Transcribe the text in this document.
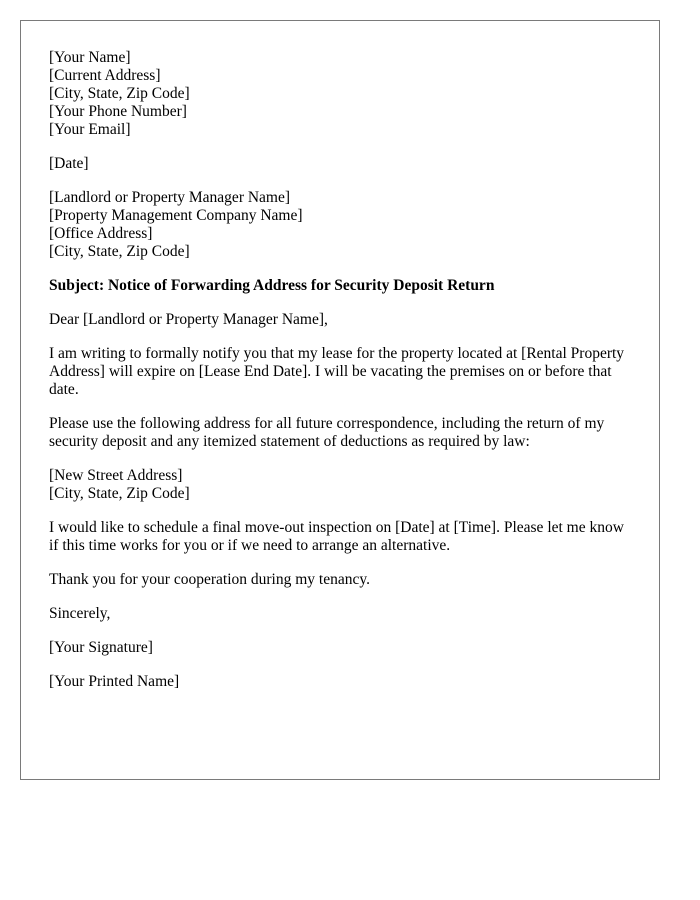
[Your Name]
[Current Address]
[City, State, Zip Code]
[Your Phone Number]
[Your Email]
[Date]
[Landlord or Property Manager Name]
[Property Management Company Name]
[Office Address]
[City, State, Zip Code]
Subject: Notice of Forwarding Address for Security Deposit Return
Dear [Landlord or Property Manager Name],
I am writing to formally notify you that my lease for the property located at [Rental Property Address] will expire on [Lease End Date]. I will be vacating the premises on or before that date.
Please use the following address for all future correspondence, including the return of my security deposit and any itemized statement of deductions as required by law:
[New Street Address]
[City, State, Zip Code]
I would like to schedule a final move-out inspection on [Date] at [Time]. Please let me know if this time works for you or if we need to arrange an alternative.
Thank you for your cooperation during my tenancy.
Sincerely,
[Your Signature]
[Your Printed Name]
